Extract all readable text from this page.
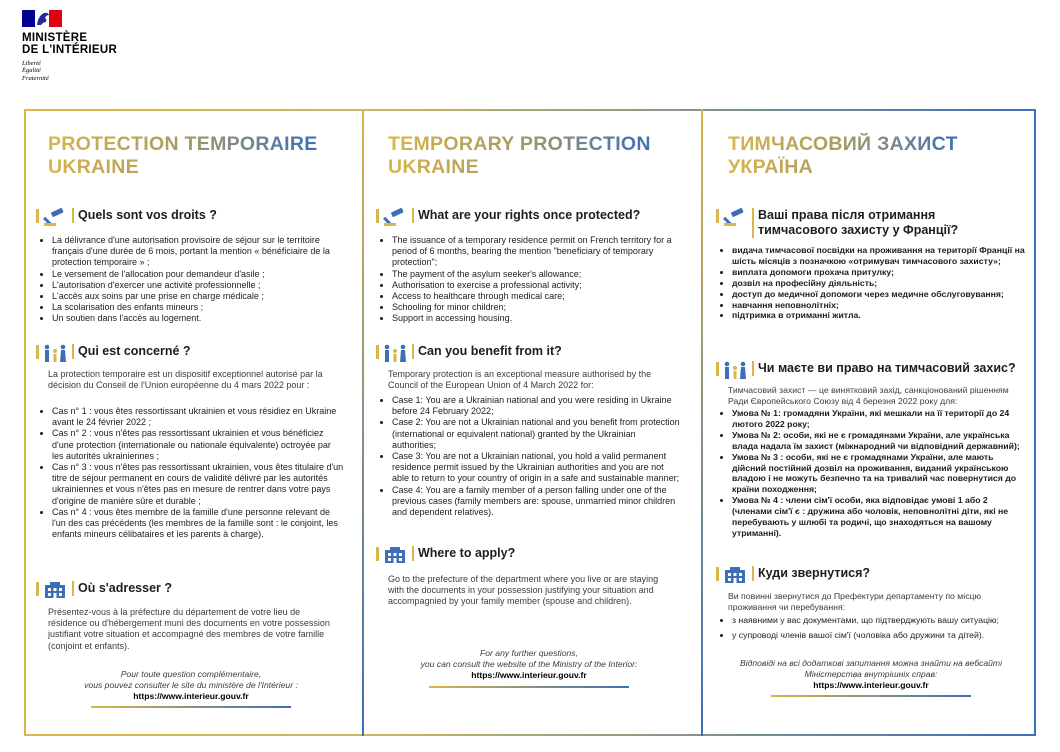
MINISTÈRE
DE L'INTÉRIEUR
Liberté
Égalité
Fraternité
PROTECTION TEMPORAIRE
UKRAINE
Quels sont vos droits ?
• La délivrance d'une autorisation provisoire de séjour sur le territoire français d'une durée de 6 mois, portant la mention « bénéficiaire de la protection temporaire » ;
• Le versement de l'allocation pour demandeur d'asile ;
• L'autorisation d'exercer une activité professionnelle ;
• L'accès aux soins par une prise en charge médicale ;
• La scolarisation des enfants mineurs ;
• Un soutien dans l'accès au logement.
Qui est concerné ?
La protection temporaire est un dispositif exceptionnel autorisé par la décision du Conseil de l'Union européenne du 4 mars 2022 pour :
• Cas n° 1 : vous êtes ressortissant ukrainien et vous résidiez en Ukraine avant le 24 février 2022 ;
• Cas n° 2 : vous n'êtes pas ressortissant ukrainien et vous bénéficiez d'une protection (internationale ou nationale équivalente) octroyée par les autorités ukrainiennes ;
• Cas n° 3 : vous n'êtes pas ressortissant ukrainien, vous êtes titulaire d'un titre de séjour permanent en cours de validité délivré par les autorités ukrainiennes et vous n'êtes pas en mesure de rentrer dans votre pays d'origine de manière sûre et durable ;
• Cas n° 4 : vous êtes membre de la famille d'une personne relevant de l'un des cas précédents (les membres de la famille sont : le conjoint, les enfants mineurs célibataires et les parents à charge).
Où s'adresser ?
Présentez-vous à la préfecture du département de votre lieu de résidence ou d'hébergement muni des documents en votre possession justifiant votre situation et accompagné des membres de votre famille (conjoint et enfants).
Pour toute question complémentaire,
vous pouvez consulter le site du ministère de l'Intérieur :
https://www.interieur.gouv.fr
TEMPORARY PROTECTION
UKRAINE
What are your rights once protected?
• The issuance of a temporary residence permit on French territory for a period of 6 months, bearing the mention "beneficiary of temporary protection";
• The payment of the asylum seeker's allowance;
• Authorisation to exercise a professional activity;
• Access to healthcare through medical care;
• Schooling for minor children;
• Support in accessing housing.
Can you benefit from it?
Temporary protection is an exceptional measure authorised by the Council of the European Union of 4 March 2022 for:
• Case 1: You are a Ukrainian national and you were residing in Ukraine before 24 February 2022;
• Case 2: You are not a Ukrainian national and you benefit from protection (international or equivalent national) granted by the Ukrainian authorities;
• Case 3: You are not a Ukrainian national, you hold a valid permanent residence permit issued by the Ukrainian authorities and you are not able to return to your country of origin in a safe and sustainable manner;
• Case 4: You are a family member of a person falling under one of the previous cases (family members are: spouse, unmarried minor children and dependent relatives).
Where to apply?
Go to the prefecture of the department where you live or are staying with the documents in your possession justifying your situation and accompagnied by your family member (spouse and children).
For any further questions,
you can consult the website of the Ministry of the Interior:
https://www.interieur.gouv.fr
ТИМЧАСОВИЙ ЗАХИСТ
УКРАЇНА
Ваші права після отримання
тимчасового захисту у Франції?
• видача тимчасової посвідки на проживання на території Франції на шість місяців з позначкою «отримувач тимчасового захисту»;
• виплата допомоги прохача притулку;
• дозвіл на професійну діяльність;
• доступ до медичної допомоги через медичне обслуговування;
• навчання неповнолітніх;
• підтримка в отриманні житла.
Чи маєте ви право на тимчасовий захис?
Тимчасовий захист — це винятковий захід, санкціонований рішенням Ради Європейського Союзу від 4 березня 2022 року для:
• Умова № 1: громадяни України, які мешкали на її території до 24 лютого 2022 року;
• Умова № 2: особи, які не є громадянами України, але українська влада надала їм захист (міжнародний чи відповідний державний);
• Умова № 3 : особи, які не є громадянами України, але мають дійсний постійний дозвіл на проживання, виданий українською владою і не можуть безпечно та на тривалий час повернутися до країни походження;
• Умова № 4 : члени сім'ї особи, яка відповідає умові 1 або 2 (членами сім'ї є : дружина або чоловік, неповнолітні діти, які не перебувають у шлюбі та родичі, що знаходяться на вашому утриманні).
Куди звернутися?
Ви повинні звернутися до Префектури департаменту по місцю проживання чи перебування:
• з наявними у вас документами, що підтверджують вашу ситуацію;
• у супроводі членів вашої сім'ї (чоловіка або дружини та дітей).
Відповіді на всі додаткові запитання можна знайти на вебсайті
Міністерства внутрішніх справ:
https://www.interieur.gouv.fr
